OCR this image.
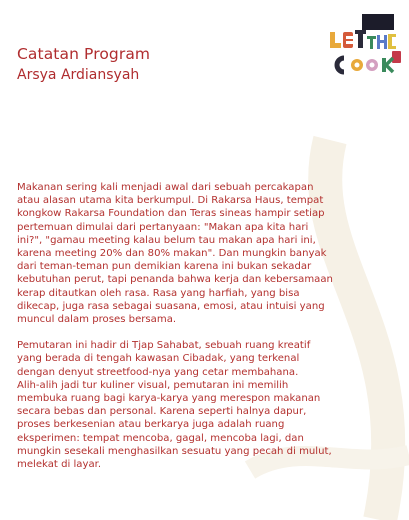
Catatan Program
Arsya Ardiansyah

Makanan sering kali menjadi awal dari sebuah percakapan
atau alasan utama kita berkumpul. Di Rakarsa Haus, tempat
kongkow Rakarsa Foundation dan Teras sineas hampir setiap
pertemuan dimulai dari pertanyaan: "Makan apa kita hari
ini?", "gamau meeting kalau belum tau makan apa hari ini,
karena meeting 20% dan 80% makan". Dan mungkin banyak
dari teman-teman pun demikian karena ini bukan sekadar
kebutuhan perut, tapi penanda bahwa kerja dan kebersamaan
kerap ditautkan oleh rasa. Rasa yang harfiah, yang bisa
dikecap, juga rasa sebagai suasana, emosi, atau intuisi yang
muncul dalam proses bersama.

Pemutaran ini hadir di Tjap Sahabat, sebuah ruang kreatif
yang berada di tengah kawasan Cibadak, yang terkenal
dengan denyut streetfood-nya yang cetar membahana.
Alih-alih jadi tur kuliner visual, pemutaran ini memilih
membuka ruang bagi karya-karya yang merespon makanan
secara bebas dan personal. Karena seperti halnya dapur,
proses berkesenian atau berkarya juga adalah ruang
eksperimen: tempat mencoba, gagal, mencoba lagi, dan
mungkin sesekali menghasilkan sesuatu yang pecah di mulut,
melekat di layar.
